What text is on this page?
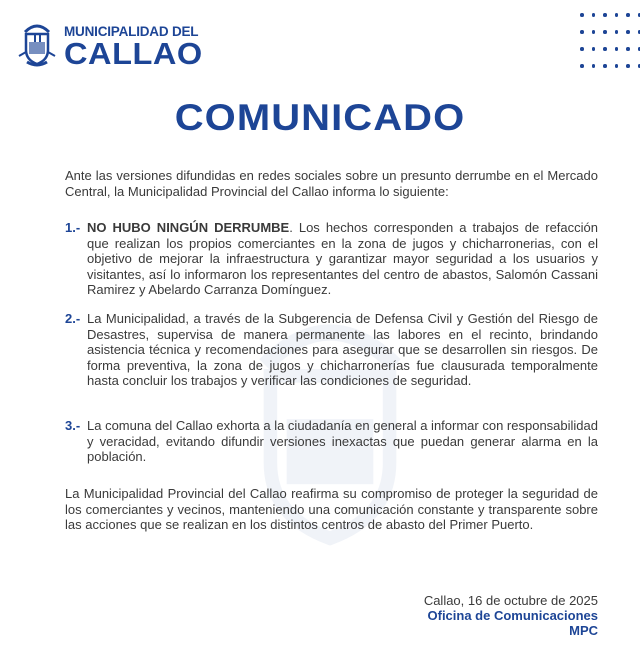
MUNICIPALIDAD DEL
CALLAO
COMUNICADO

Ante las versiones difundidas en redes sociales sobre un presunto derrumbe en el Mercado Central, la Municipalidad Provincial del Callao informa lo siguiente:

1.- NO HUBO NINGÚN DERRUMBE. Los hechos corresponden a trabajos de refacción que realizan los propios comerciantes en la zona de jugos y chicharronerias, con el objetivo de mejorar la infraestructura y garantizar mayor seguridad a los usuarios y visitantes, así lo informaron los representantes del centro de abastos, Salomón Cassani Ramirez y Abelardo Carranza Domínguez.
2.- La Municipalidad, a través de la Subgerencia de Defensa Civil y Gestión del Riesgo de Desastres, supervisa de manera permanente las labores en el recinto, brindando asistencia técnica y recomendaciones para asegurar que se desarrollen sin riesgos. De forma preventiva, la zona de jugos y chicharronerías fue clausurada temporalmente hasta concluir los trabajos y verificar las condiciones de seguridad.
3.- La comuna del Callao exhorta a la ciudadanía en general a informar con responsabilidad y veracidad, evitando difundir versiones inexactas que puedan generar alarma en la población.

La Municipalidad Provincial del Callao reafirma su compromiso de proteger la seguridad de los comerciantes y vecinos, manteniendo una comunicación constante y transparente sobre las acciones que se realizan en los distintos centros de abasto del Primer Puerto.

Callao, 16 de octubre de 2025
Oficina de Comunicaciones
MPC
